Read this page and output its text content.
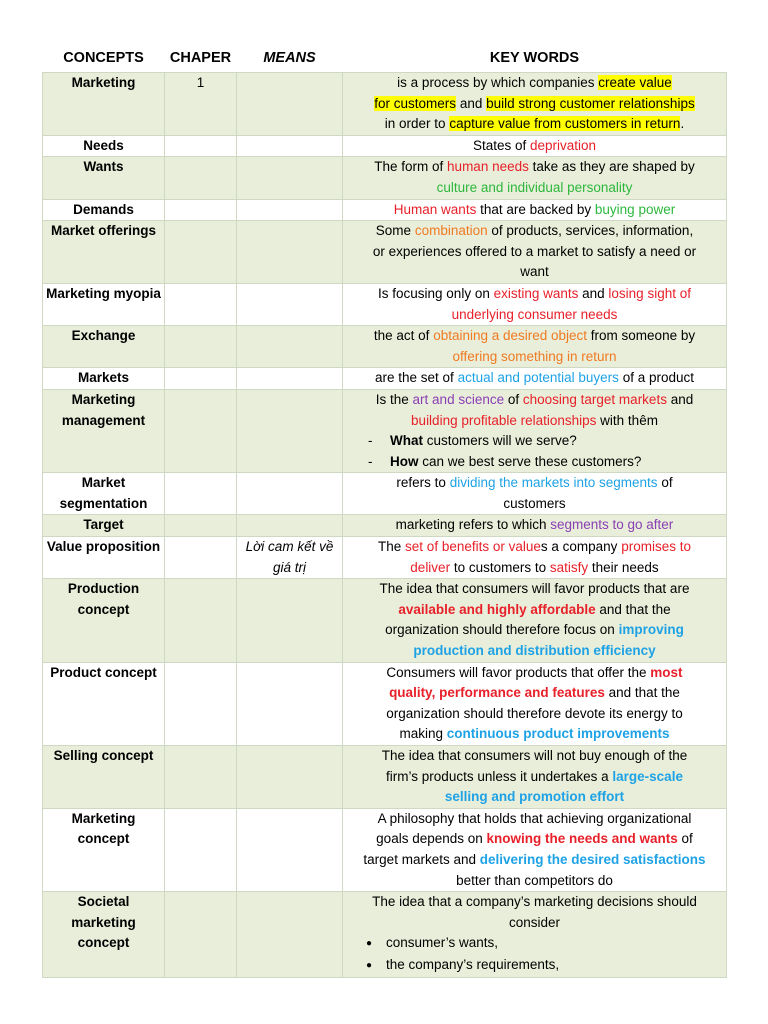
CONCEPTS	CHAPER	MEANS	KEY WORDS
Marketing	1		is a process by which companies create value
for customers and build strong customer relationships
in order to capture value from customers in return.

Needs			States of deprivation

Wants			The form of human needs take as they are shaped by
culture and individual personality

Demands			Human wants that are backed by buying power

Market offerings			Some combination of products, services, information,
or experiences offered to a market to satisfy a need or
want

Marketing myopia			Is focusing only on existing wants and losing sight of
underlying consumer needs

Exchange			the act of obtaining a desired object from someone by
offering something in return

Markets			are the set of actual and potential buyers of a product

Marketing management			Is the art and science of choosing target markets and
building profitable relationships with thêm
- What customers will we serve?
- How can we best serve these customers?

Market segmentation			refers to dividing the markets into segments of
customers

Target			marketing refers to which segments to go after

Value proposition		Lời cam kết về giá trị	The set of benefits or values a company promises to
deliver to customers to satisfy their needs

Production concept			The idea that consumers will favor products that are
available and highly affordable and that the
organization should therefore focus on improving
production and distribution efficiency

Product concept			Consumers will favor products that offer the most
quality, performance and features and that the
organization should therefore devote its energy to
making continuous product improvements

Selling concept			The idea that consumers will not buy enough of the
firm’s products unless it undertakes a large-scale
selling and promotion effort

Marketing concept			A philosophy that holds that achieving organizational
goals depends on knowing the needs and wants of
target markets and delivering the desired satisfactions
better than competitors do

Societal marketing concept			The idea that a company’s marketing decisions should
consider
● consumer’s wants,
● the company’s requirements,
